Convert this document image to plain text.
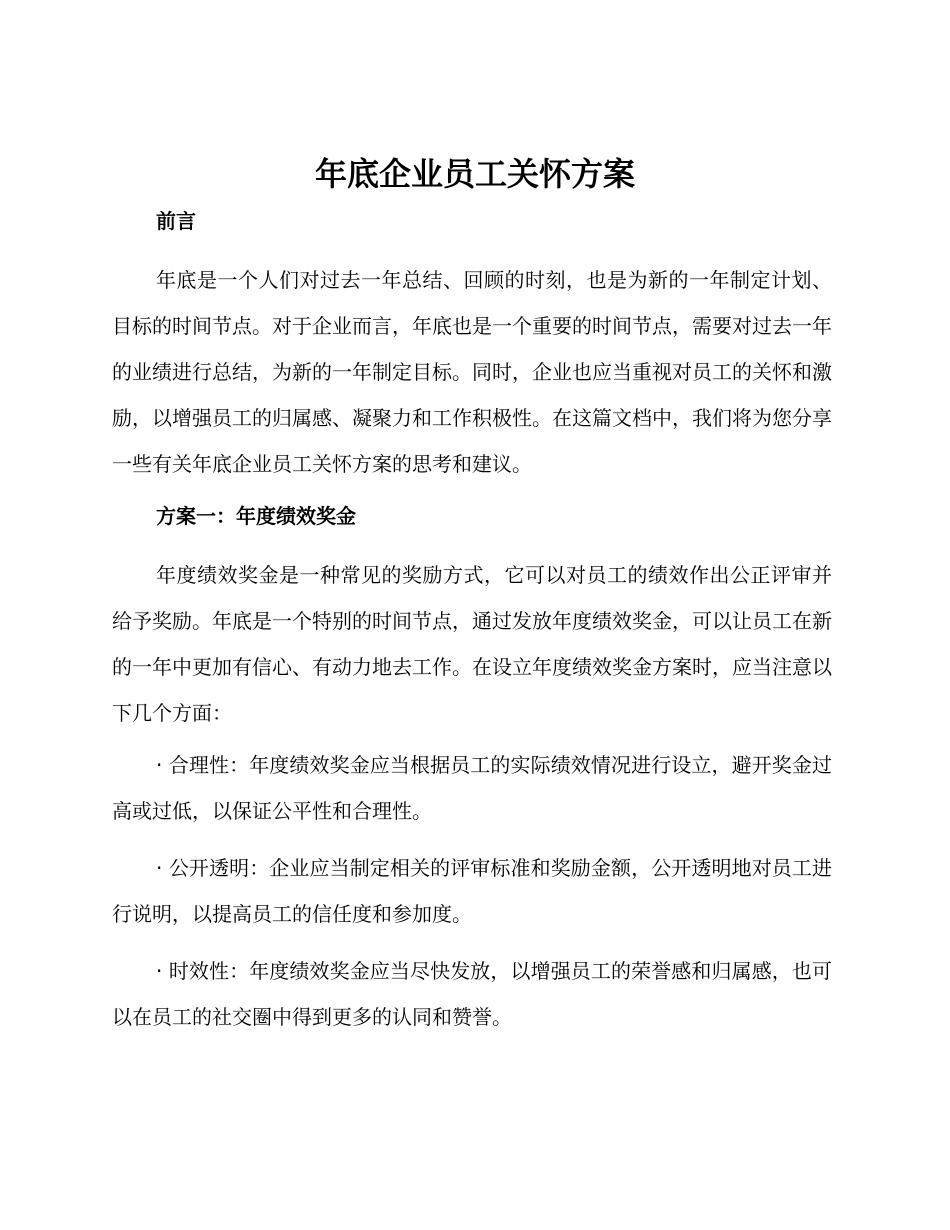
年底企业员工关怀方案
前言

年底是一个人们对过去一年总结、回顾的时刻，也是为新的一年制定计划、目标的时间节点。对于企业而言，年底也是一个重要的时间节点，需要对过去一年的业绩进行总结，为新的一年制定目标。同时，企业也应当重视对员工的关怀和激励，以增强员工的归属感、凝聚力和工作积极性。在这篇文档中，我们将为您分享一些有关年底企业员工关怀方案的思考和建议。

方案一：年度绩效奖金

年度绩效奖金是一种常见的奖励方式，它可以对员工的绩效作出公正评审并给予奖励。年底是一个特别的时间节点，通过发放年度绩效奖金，可以让员工在新的一年中更加有信心、有动力地去工作。在设立年度绩效奖金方案时，应当注意以下几个方面：

· 合理性：年度绩效奖金应当根据员工的实际绩效情况进行设立，避开奖金过高或过低，以保证公平性和合理性。

· 公开透明：企业应当制定相关的评审标准和奖励金额，公开透明地对员工进行说明，以提高员工的信任度和参加度。

· 时效性：年度绩效奖金应当尽快发放，以增强员工的荣誉感和归属感，也可以在员工的社交圈中得到更多的认同和赞誉。
